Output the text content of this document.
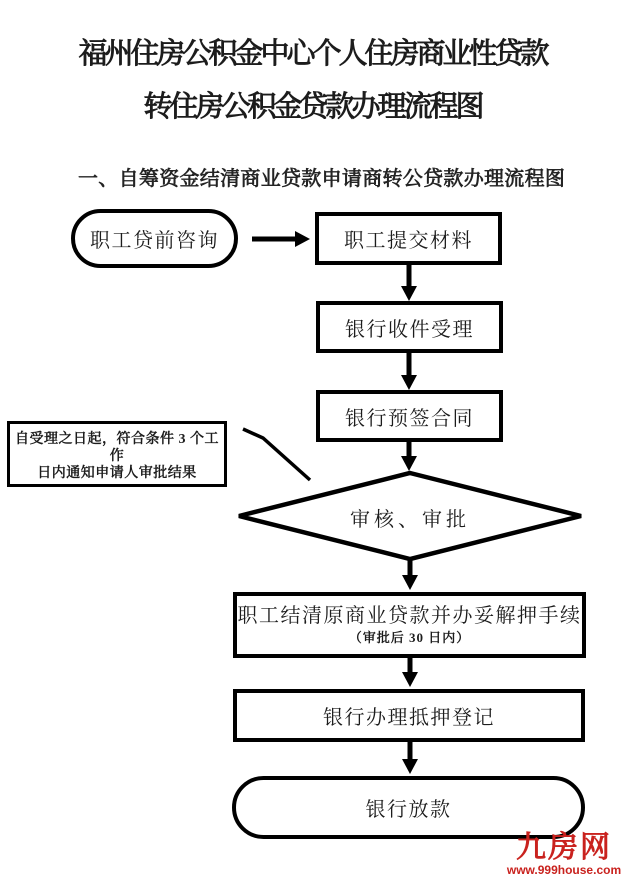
福州住房公积金中心个人住房商业性贷款
转住房公积金贷款办理流程图
一、自筹资金结清商业贷款申请商转公贷款办理流程图
职工贷前咨询	职工提交材料
银行收件受理
银行预签合同
自受理之日起，符合条件 3 个工作
日内通知申请人审批结果
审核、审批
职工结清原商业贷款并办妥解押手续
（审批后 30 日内）
银行办理抵押登记
银行放款
九房网
www.999house.com
